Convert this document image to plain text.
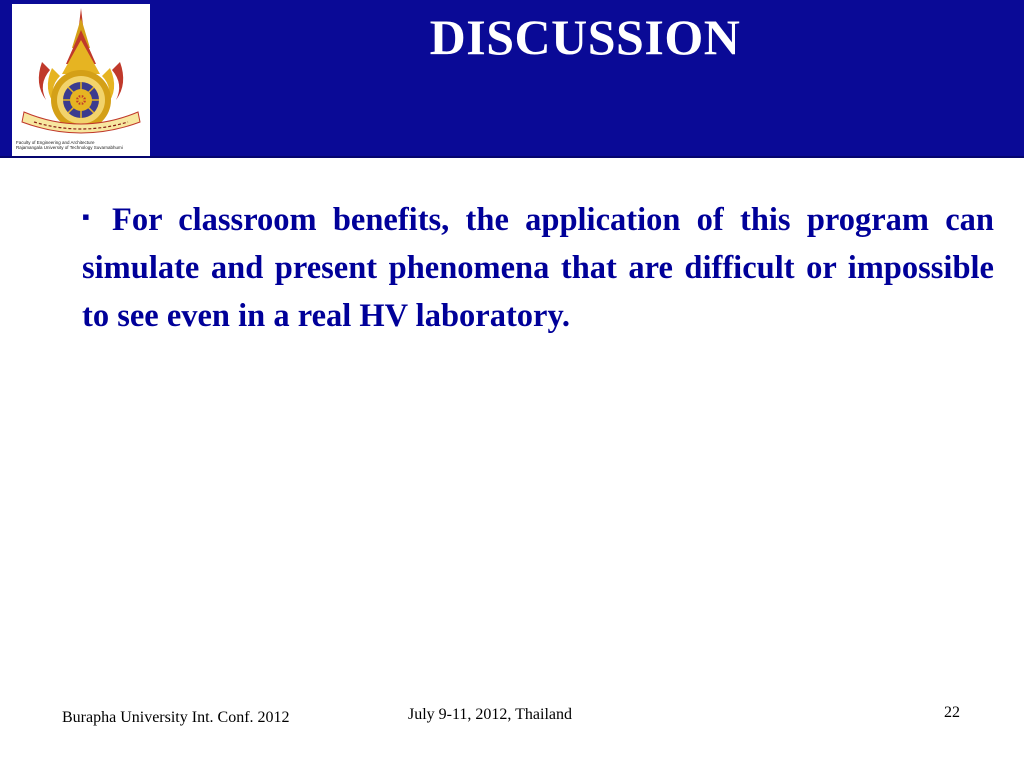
Faculty of Engineering and Architecture
Rajamangala University of Technology Suvarnabhumi
DISCUSSION

▪ For classroom benefits, the application of this program can simulate and present phenomena that are difficult or impossible to see even in a real HV laboratory.

Burapha University Int. Conf. 2012	July 9-11, 2012, Thailand	22
